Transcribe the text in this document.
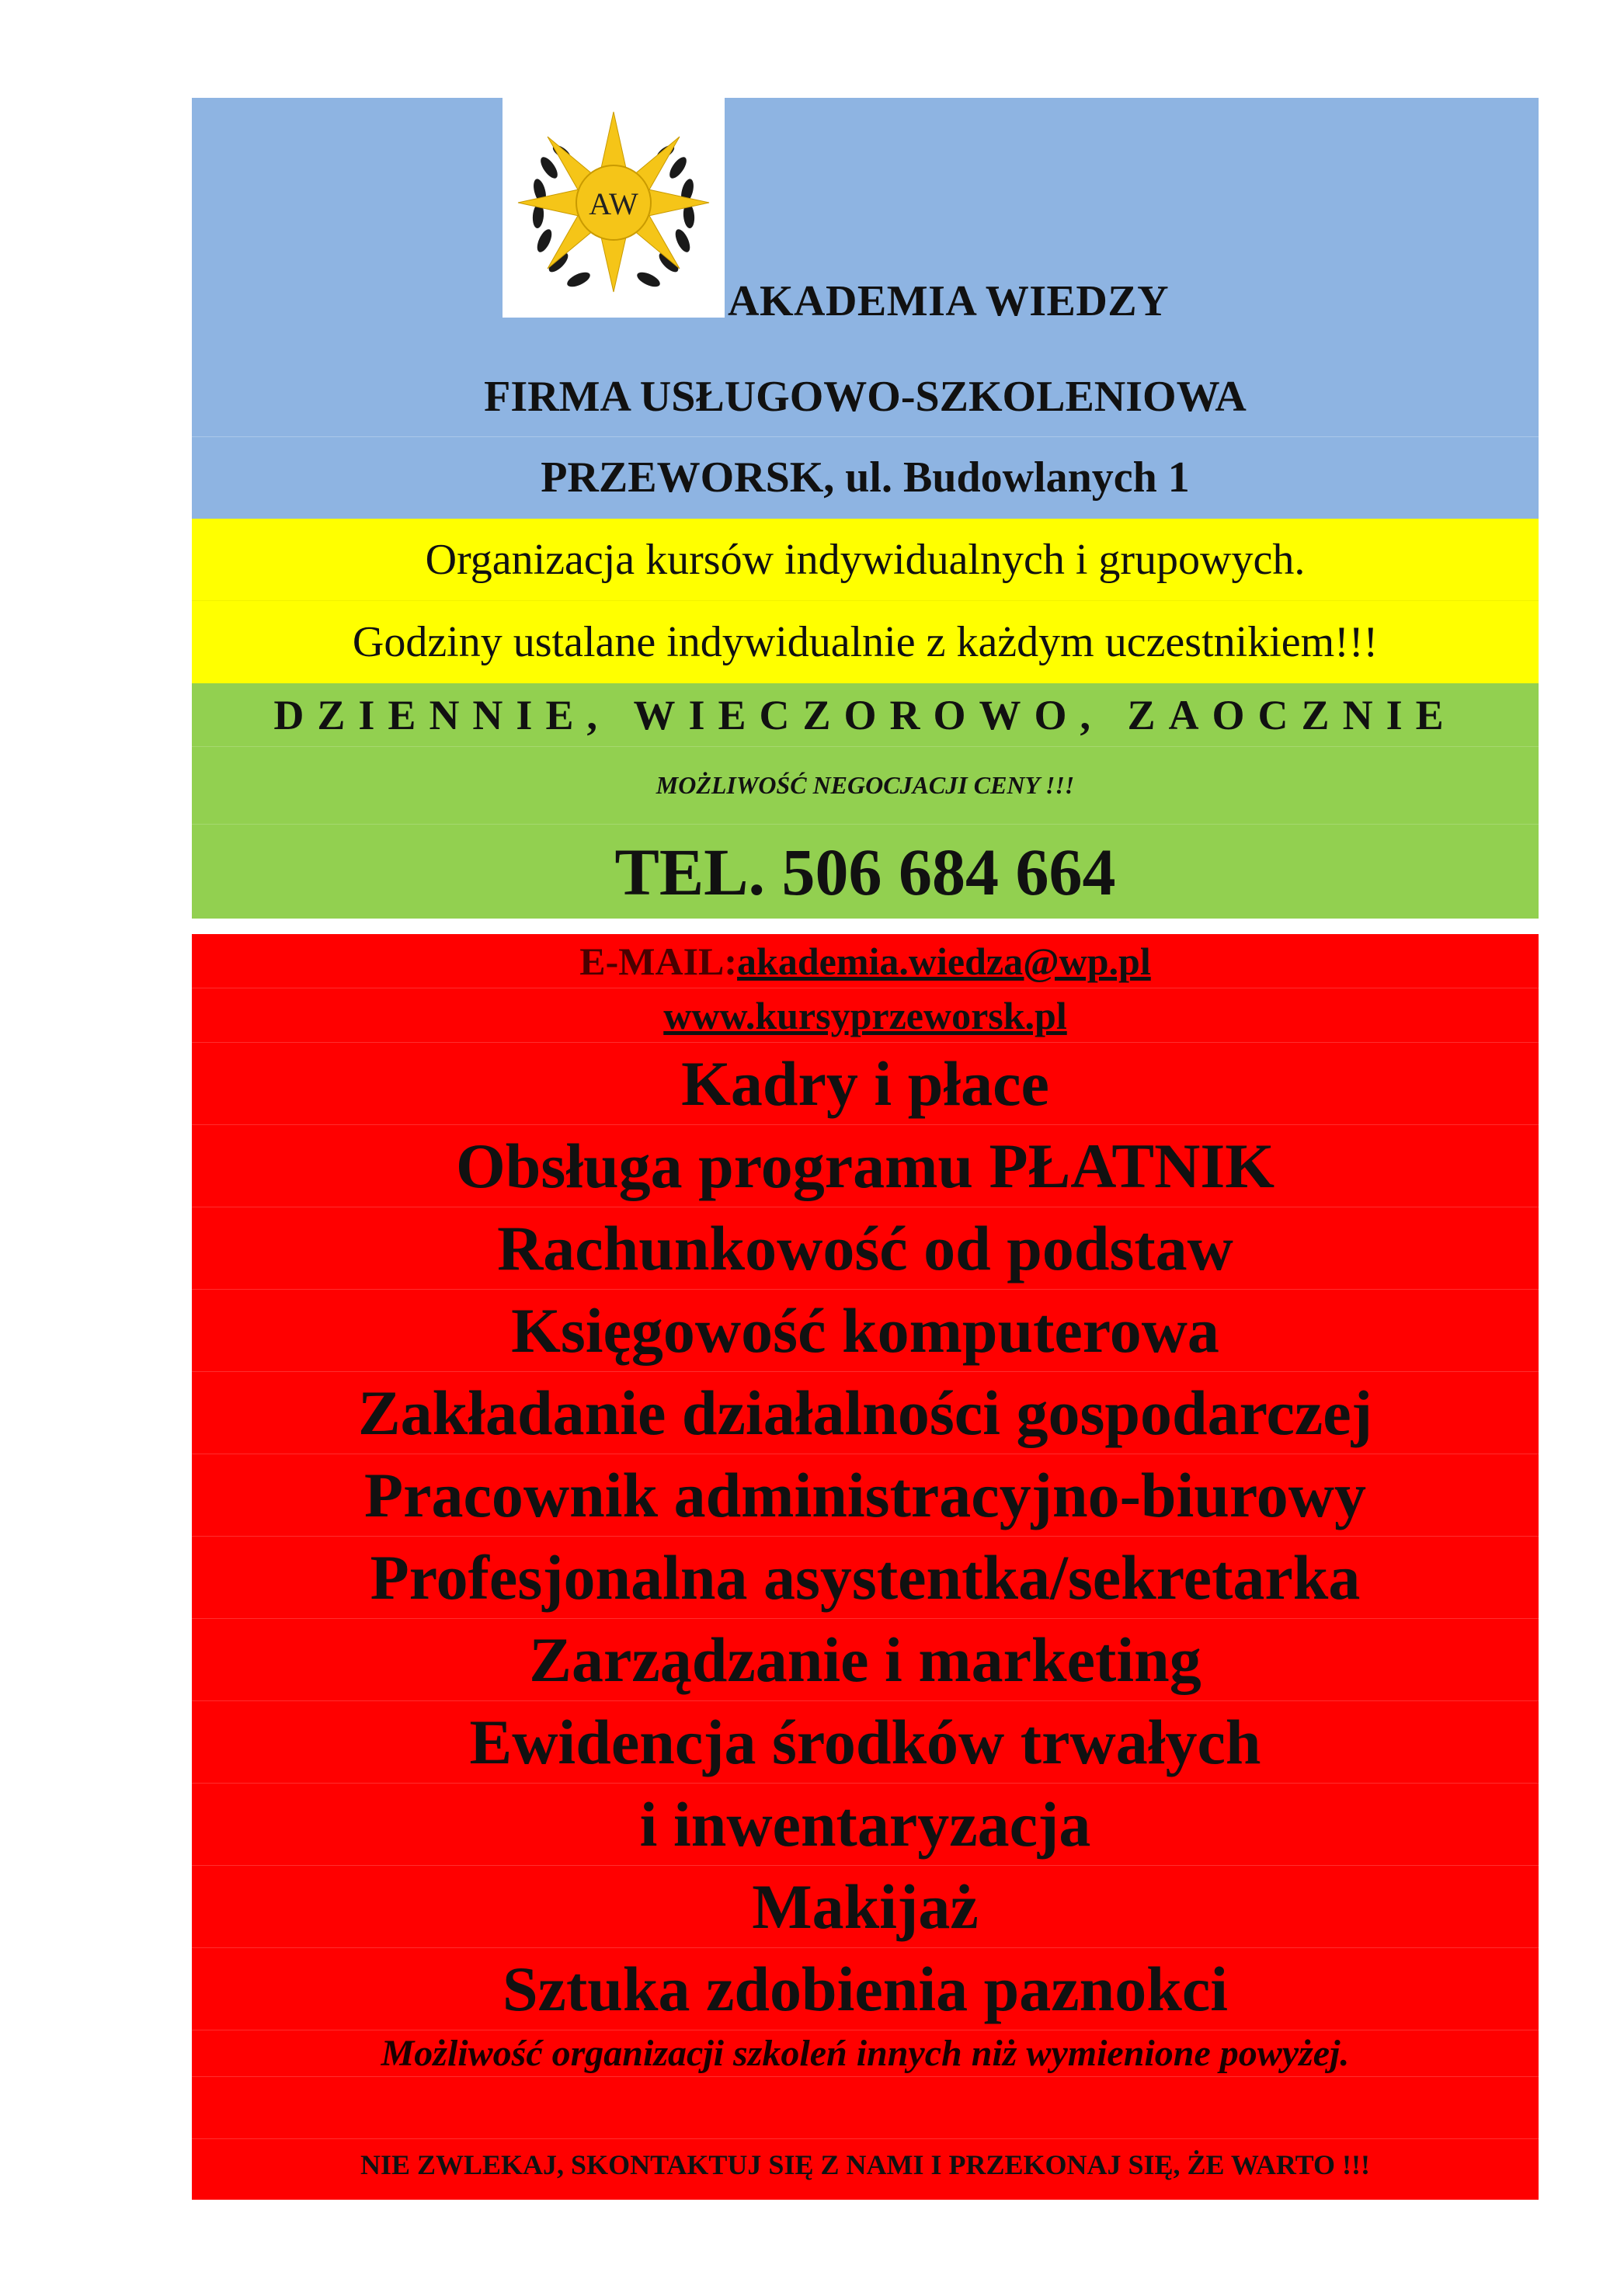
AW
AKADEMIA WIEDZY
FIRMA USŁUGOWO-SZKOLENIOWA
PRZEWORSK, ul. Budowlanych 1
Organizacja kursów indywidualnych i grupowych.
Godziny ustalane indywidualnie z każdym uczestnikiem!!!
DZIENNIE, WIECZOROWO, ZAOCZNIE
MOŻLIWOŚĆ NEGOCJACJI CENY !!!
TEL. 506 684 664
E-MAIL: akademia.wiedza@wp.pl
www.kursyprzeworsk.pl
Kadry i płace
Obsługa programu PŁATNIK
Rachunkowość od podstaw
Księgowość komputerowa
Zakładanie działalności gospodarczej
Pracownik administracyjno-biurowy
Profesjonalna asystentka/sekretarka
Zarządzanie i marketing
Ewidencja środków trwałych
i inwentaryzacja
Makijaż
Sztuka zdobienia paznokci
Możliwość organizacji szkoleń innych niż wymienione powyżej.
NIE ZWLEKAJ, SKONTAKTUJ SIĘ Z NAMI I PRZEKONAJ SIĘ, ŻE WARTO !!!
